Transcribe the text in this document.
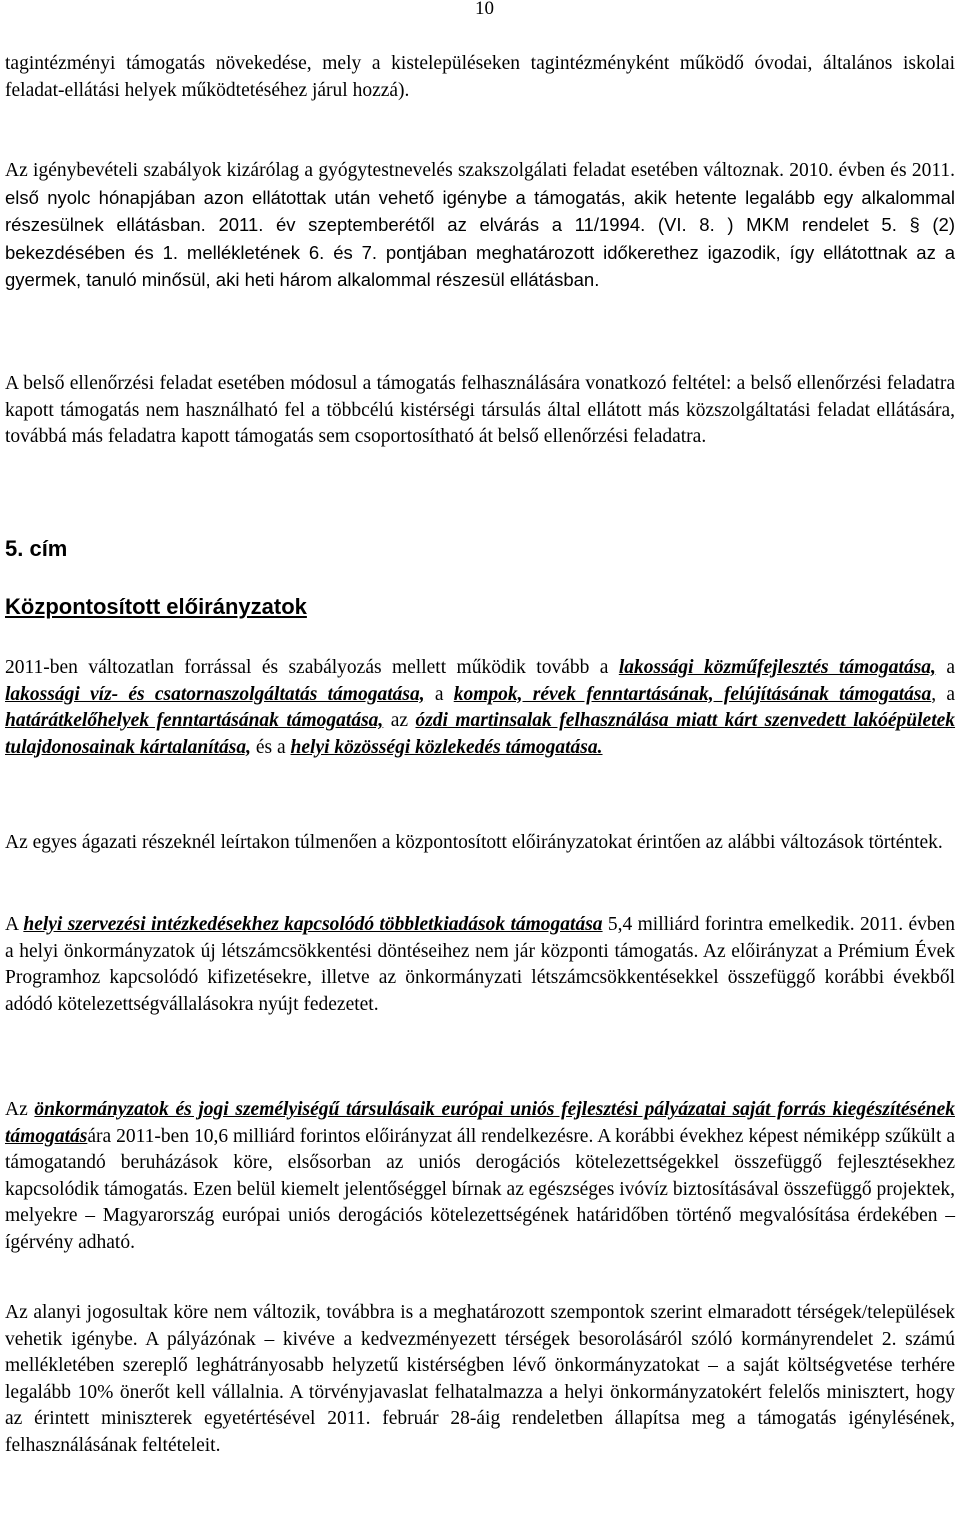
10

tagintézményi támogatás növekedése, mely a kistelepüléseken tagintézményként működő óvodai, általános iskolai feladat-ellátási helyek működtetéséhez járul hozzá).

Az igénybevételi szabályok kizárólag a gyógytestnevelés szakszolgálati feladat esetében változnak. 2010. évben és 2011. első nyolc hónapjában azon ellátottak után vehető igénybe a támogatás, akik hetente legalább egy alkalommal részesülnek ellátásban. 2011. év szeptemberétől az elvárás a 11/1994. (VI. 8. ) MKM rendelet 5. § (2) bekezdésében és 1. mellékletének 6. és 7. pontjában meghatározott időkerethez igazodik, így ellátottnak az a gyermek, tanuló minősül, aki heti három alkalommal részesül ellátásban.

A belső ellenőrzési feladat esetében módosul a támogatás felhasználására vonatkozó feltétel: a belső ellenőrzési feladatra kapott támogatás nem használható fel a többcélú kistérségi társulás által ellátott más közszolgáltatási feladat ellátására, továbbá más feladatra kapott támogatás sem csoportosítható át belső ellenőrzési feladatra.

5. cím
Központosított előirányzatok

2011-ben változatlan forrással és szabályozás mellett működik tovább a lakossági közműfejlesztés támogatása, a lakossági víz- és csatornaszolgáltatás támogatása, a kompok, révek fenntartásának, felújításának támogatása, a határátkelőhelyek fenntartásának támogatása, az ózdi martinsalak felhasználása miatt kárt szenvedett lakóépületek tulajdonosainak kártalanítása, és a helyi közösségi közlekedés támogatása.

Az egyes ágazati részeknél leírtakon túlmenően a központosított előirányzatokat érintően az alábbi változások történtek.

A helyi szervezési intézkedésekhez kapcsolódó többletkiadások támogatása 5,4 milliárd forintra emelkedik. 2011. évben a helyi önkormányzatok új létszámcsökkentési döntéseihez nem jár központi támogatás. Az előirányzat a Prémium Évek Programhoz kapcsolódó kifizetésekre, illetve az önkormányzati létszámcsökkentésekkel összefüggő korábbi évekből adódó kötelezettségvállalásokra nyújt fedezetet.

Az önkormányzatok és jogi személyiségű társulásaik európai uniós fejlesztési pályázatai saját forrás kiegészítésének támogatására 2011-ben 10,6 milliárd forintos előirányzat áll rendelkezésre. A korábbi évekhez képest némiképp szűkült a támogatandó beruházások köre, elsősorban az uniós derogációs kötelezettségekkel összefüggő fejlesztésekhez kapcsolódik támogatás. Ezen belül kiemelt jelentőséggel bírnak az egészséges ivóvíz biztosításával összefüggő projektek, melyekre – Magyarország európai uniós derogációs kötelezettségének határidőben történő megvalósítása érdekében – ígérvény adható.

Az alanyi jogosultak köre nem változik, továbbra is a meghatározott szempontok szerint elmaradott térségek/települések vehetik igénybe. A pályázónak – kivéve a kedvezményezett térségek besorolásáról szóló kormányrendelet 2. számú mellékletében szereplő leghátrányosabb helyzetű kistérségben lévő önkormányzatokat – a saját költségvetése terhére legalább 10% önerőt kell vállalnia. A törvényjavaslat felhatalmazza a helyi önkormányzatokért felelős minisztert, hogy az érintett miniszterek egyetértésével 2011. február 28-áig rendeletben állapítsa meg a támogatás igénylésének, felhasználásának feltételeit.
